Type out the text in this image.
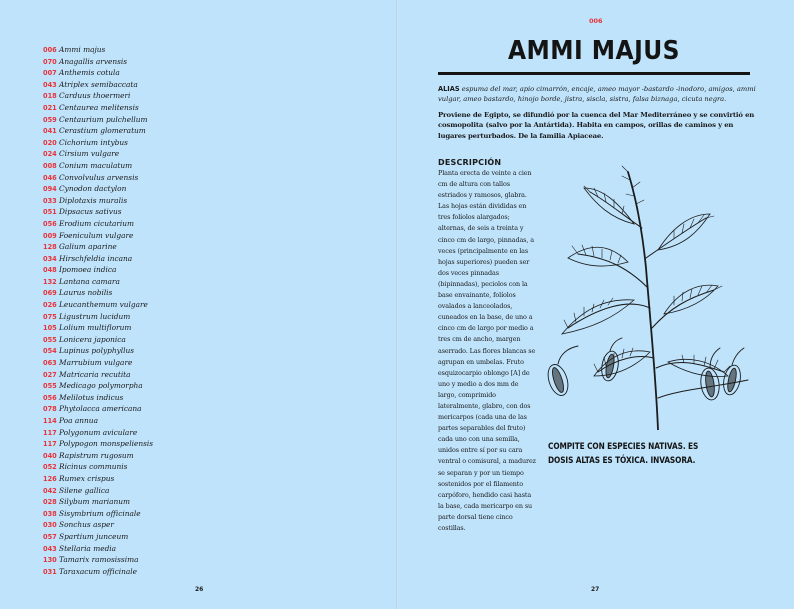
006 Ammi majus
070 Anagallis arvensis
007 Anthemis cotula
043 Atriplex semibaccata
018 Carduus thoermeri
021 Centaurea melitensis
059 Centaurium pulchellum
041 Cerastium glomeratum
020 Cichorium intybus
024 Cirsium vulgare
008 Conium maculatum
046 Convolvulus arvensis
094 Cynodon dactylon
033 Diplotaxis muralis
051 Dipsacus sativus
056 Erodium cicutarium
009 Foeniculum vulgare
128 Galium aparine
034 Hirschfeldia incana
048 Ipomoea indica
132 Lantana camara
069 Laurus nobilis
026 Leucanthemum vulgare
075 Ligustrum lucidum
105 Lolium multiflorum
055 Lonicera japonica
054 Lupinus polyphyllus
063 Marrubium vulgare
027 Matricaria recutita
055 Medicago polymorpha
056 Melilotus indicus
078 Phytolacca americana
114 Poa annua
117 Polygonum aviculare
117 Polypogon monspeliensis
040 Rapistrum rugosum
052 Ricinus communis
126 Rumex crispus
042 Silene gallica
028 Silybum marianum
038 Sisymbrium officinale
030 Sonchus asper
057 Spartium junceum
043 Stellaria media
130 Tamarix ramosissima
031 Taraxacum officinale
26
006
AMMI MAJUS

ALIAS espuma del mar, apio cimarrón, encaje, ameo mayor -bastardo -inodoro, amigos, ammi vulgar, ameo bastardo, hinojo borde, jistra, siscla, sistra, falsa biznaga, cicuta negra.

Proviene de Egipto, se difundió por la cuenca del Mar Mediterráneo y se convirtió en cosmopolita (salvo por la Antártida). Habita en campos, orillas de caminos y en lugares perturbados. De la familia Apiaceae.

DESCRIPCIÓN

Planta erecta de veinte a cien cm de altura con tallos estriados y ramosos, glabra. Las hojas están divididas en tres folíolos alargados; alternas, de seis a treinta y cinco cm de largo, pinnadas, a veces (principalmente en las hojas superiores) pueden ser dos veces pinnadas (bipinnadas), peciolos con la base envainante, folíolos ovalados a lanceolados, cuneados en la base, de uno a cinco cm de largo por medio a tres cm de ancho, margen aserrado. Las flores blancas se agrupan en umbelas. Fruto esquizocarpio oblongo [A] de uno y medio a dos mm de largo, comprimido lateralmente, glabro, con dos mericarpos (cada una de las partes separables del fruto) cada uno con una semilla, unidos entre sí por su cara ventral o comisural, a madurez se separan y por un tiempo sostenidos por el filamento carpóforo, hendido casi hasta la base, cada mericarpo en su parte dorsal tiene cinco costillas.

COMPITE CON ESPECIES NATIVAS. ES DOSIS ALTAS ES TÓXICA. INVASORA.

27
